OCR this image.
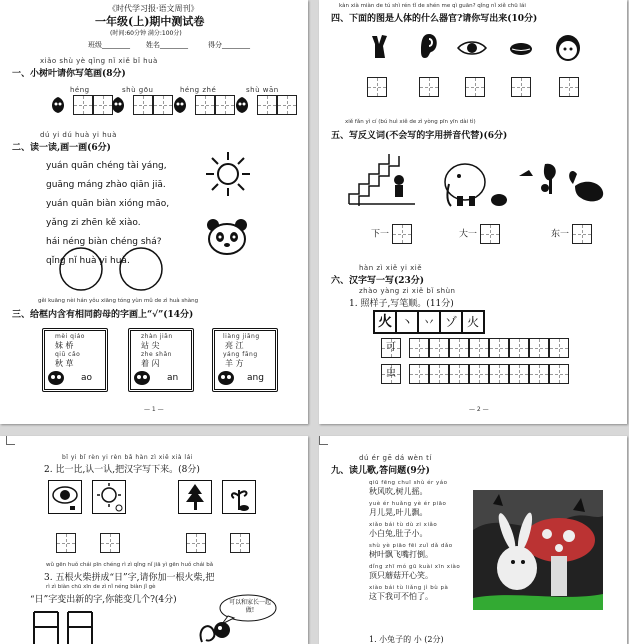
《时代学习报·语文周刊》
一年级(上)期中测试卷
(时间:60分钟 满分:100分)
班级________ 姓名________	得分________
xiǎo shù yè qǐng nǐ xiě bǐ huà
一、小树叶请你写笔画(8分)
héng
	shù gōu
	héng zhé
	shù wān

dú yi dú huà yi huà
二、读一读,画一画(6分)
yuán quān chéng tài yáng,
guāng máng zhào qiān jiā.
yuán quān biàn xióng māo,
yǎng zi zhēn kě xiào.
hái néng biàn chéng shá?
qǐng nǐ huà yi huà.
gěi kuāng nèi hán yǒu xiāng tóng yùn mǔ de zì huà shàng
三、给框内含有相同韵母的字画上“√”(14分)
mèi qiáo
妹 桥
qiū cǎo
秋 草
ao
zhàn jiān
站 尖
zhe shǎn
着 闪
an
liàng jiāng
亮 江
yáng fāng
羊 方
ang
— 1 —
kàn xià miàn de tú shì rén tǐ de shén me qì guān? qǐng nǐ xiě chū lái
四、下面的图是人体的什么器官?请你写出来(10分)
xiě fǎn yì cí (bú huì xiě de zì yòng pīn yīn dài tì)
五、写反义词(不会写的字用拼音代替)(6分)
下一	大一	东一
hàn zì xiě yi xiě
六、汉字写一写(23分)
zhào yàng zi xiě bǐ shùn
1. 照样子,写笔顺。(11分)
火 丶 丷 ゾ 火
可
虫
— 2 —
bǐ yi bǐ rèn yi rèn bǎ hàn zì xiě xià lái
2. 比一比,认一认,把汉字写下来。(8分)
wǔ gēn huǒ chái pīn chéng rì zì qǐng nǐ jiā yì gēn huǒ chái bǎ
3. 五根火柴拼成“日”字,请你加一根火柴,把
rì zì biàn chū xīn de zì nǐ néng biàn jǐ gè
“日”字变出新的字,你能变几个?(4分)	可以和家长一起做!
dú ér gē dá wèn tí
九、读儿歌,答问题(9分)
qiū fēng chuī shù ér yáo
秋风吹,树儿摇。
yuè ér huǎng yè ér piāo
月儿晃,叶儿飘。
xiǎo bái tù dù zi xiǎo
小白兔,肚子小。
shù yè piāo fēi zuǐ dǎ dǎo
树叶飘飞嘴打倒。
dǐng zhī mó gū kuài xīn xiào
顶只蘑菇开心笑。
xiào bái tù liǎng jì bù pà
这下我可不怕了。
1. 小兔子的 小 (2分)
